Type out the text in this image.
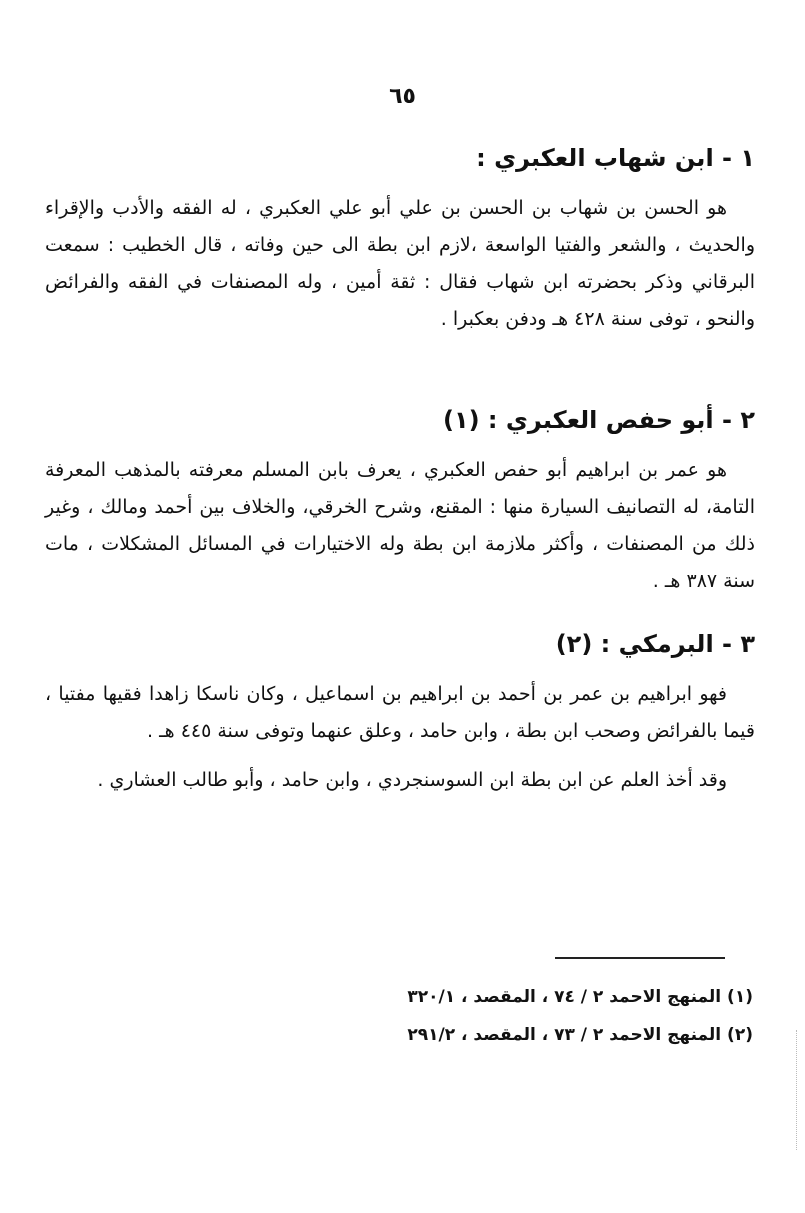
٦٥

١ - ابن شهاب العكبري :

هو الحسن بن شهاب بن الحسن بن علي أبو علي العكبري ، له الفقه والأدب والإقراء والحديث ، والشعر والفتيا الواسعة ،لازم ابن بطة الى حين وفاته ، قال الخطيب : سمعت البرقاني وذكر بحضرته ابن شهاب فقال : ثقة أمين ، وله المصنفات في الفقه والفرائض والنحو ، توفى سنة ٤٢٨ هـ ودفن بعكبرا .

٢ - أبو حفص العكبري : (١)

هو عمر بن ابراهيم أبو حفص العكبري ، يعرف بابن المسلم معرفته بالمذهب المعرفة التامة، له التصانيف السيارة منها : المقنع، وشرح الخرقي، والخلاف بين أحمد ومالك ، وغير ذلك من المصنفات ، وأكثر ملازمة ابن بطة وله الاختيارات في المسائل المشكلات ، مات سنة ٣٨٧ هـ .

٣ - البرمكي : (٢)

فهو ابراهيم بن عمر بن أحمد بن ابراهيم بن اسماعيل ، وكان ناسكا زاهدا فقيها مفتيا ، قيما بالفرائض وصحب ابن بطة ، وابن حامد ، وعلق عنهما وتوفى سنة ٤٤٥ هـ .

وقد أخذ العلم عن ابن بطة ابن السوسنجردي ، وابن حامد ، وأبو طالب العشاري .

(١) المنهج الاحمد ٢ / ٧٤ ، المقصد ، ٣٢٠/١

(٢) المنهج الاحمد ٢ / ٧٣ ، المقصد ، ٢٩١/٢
